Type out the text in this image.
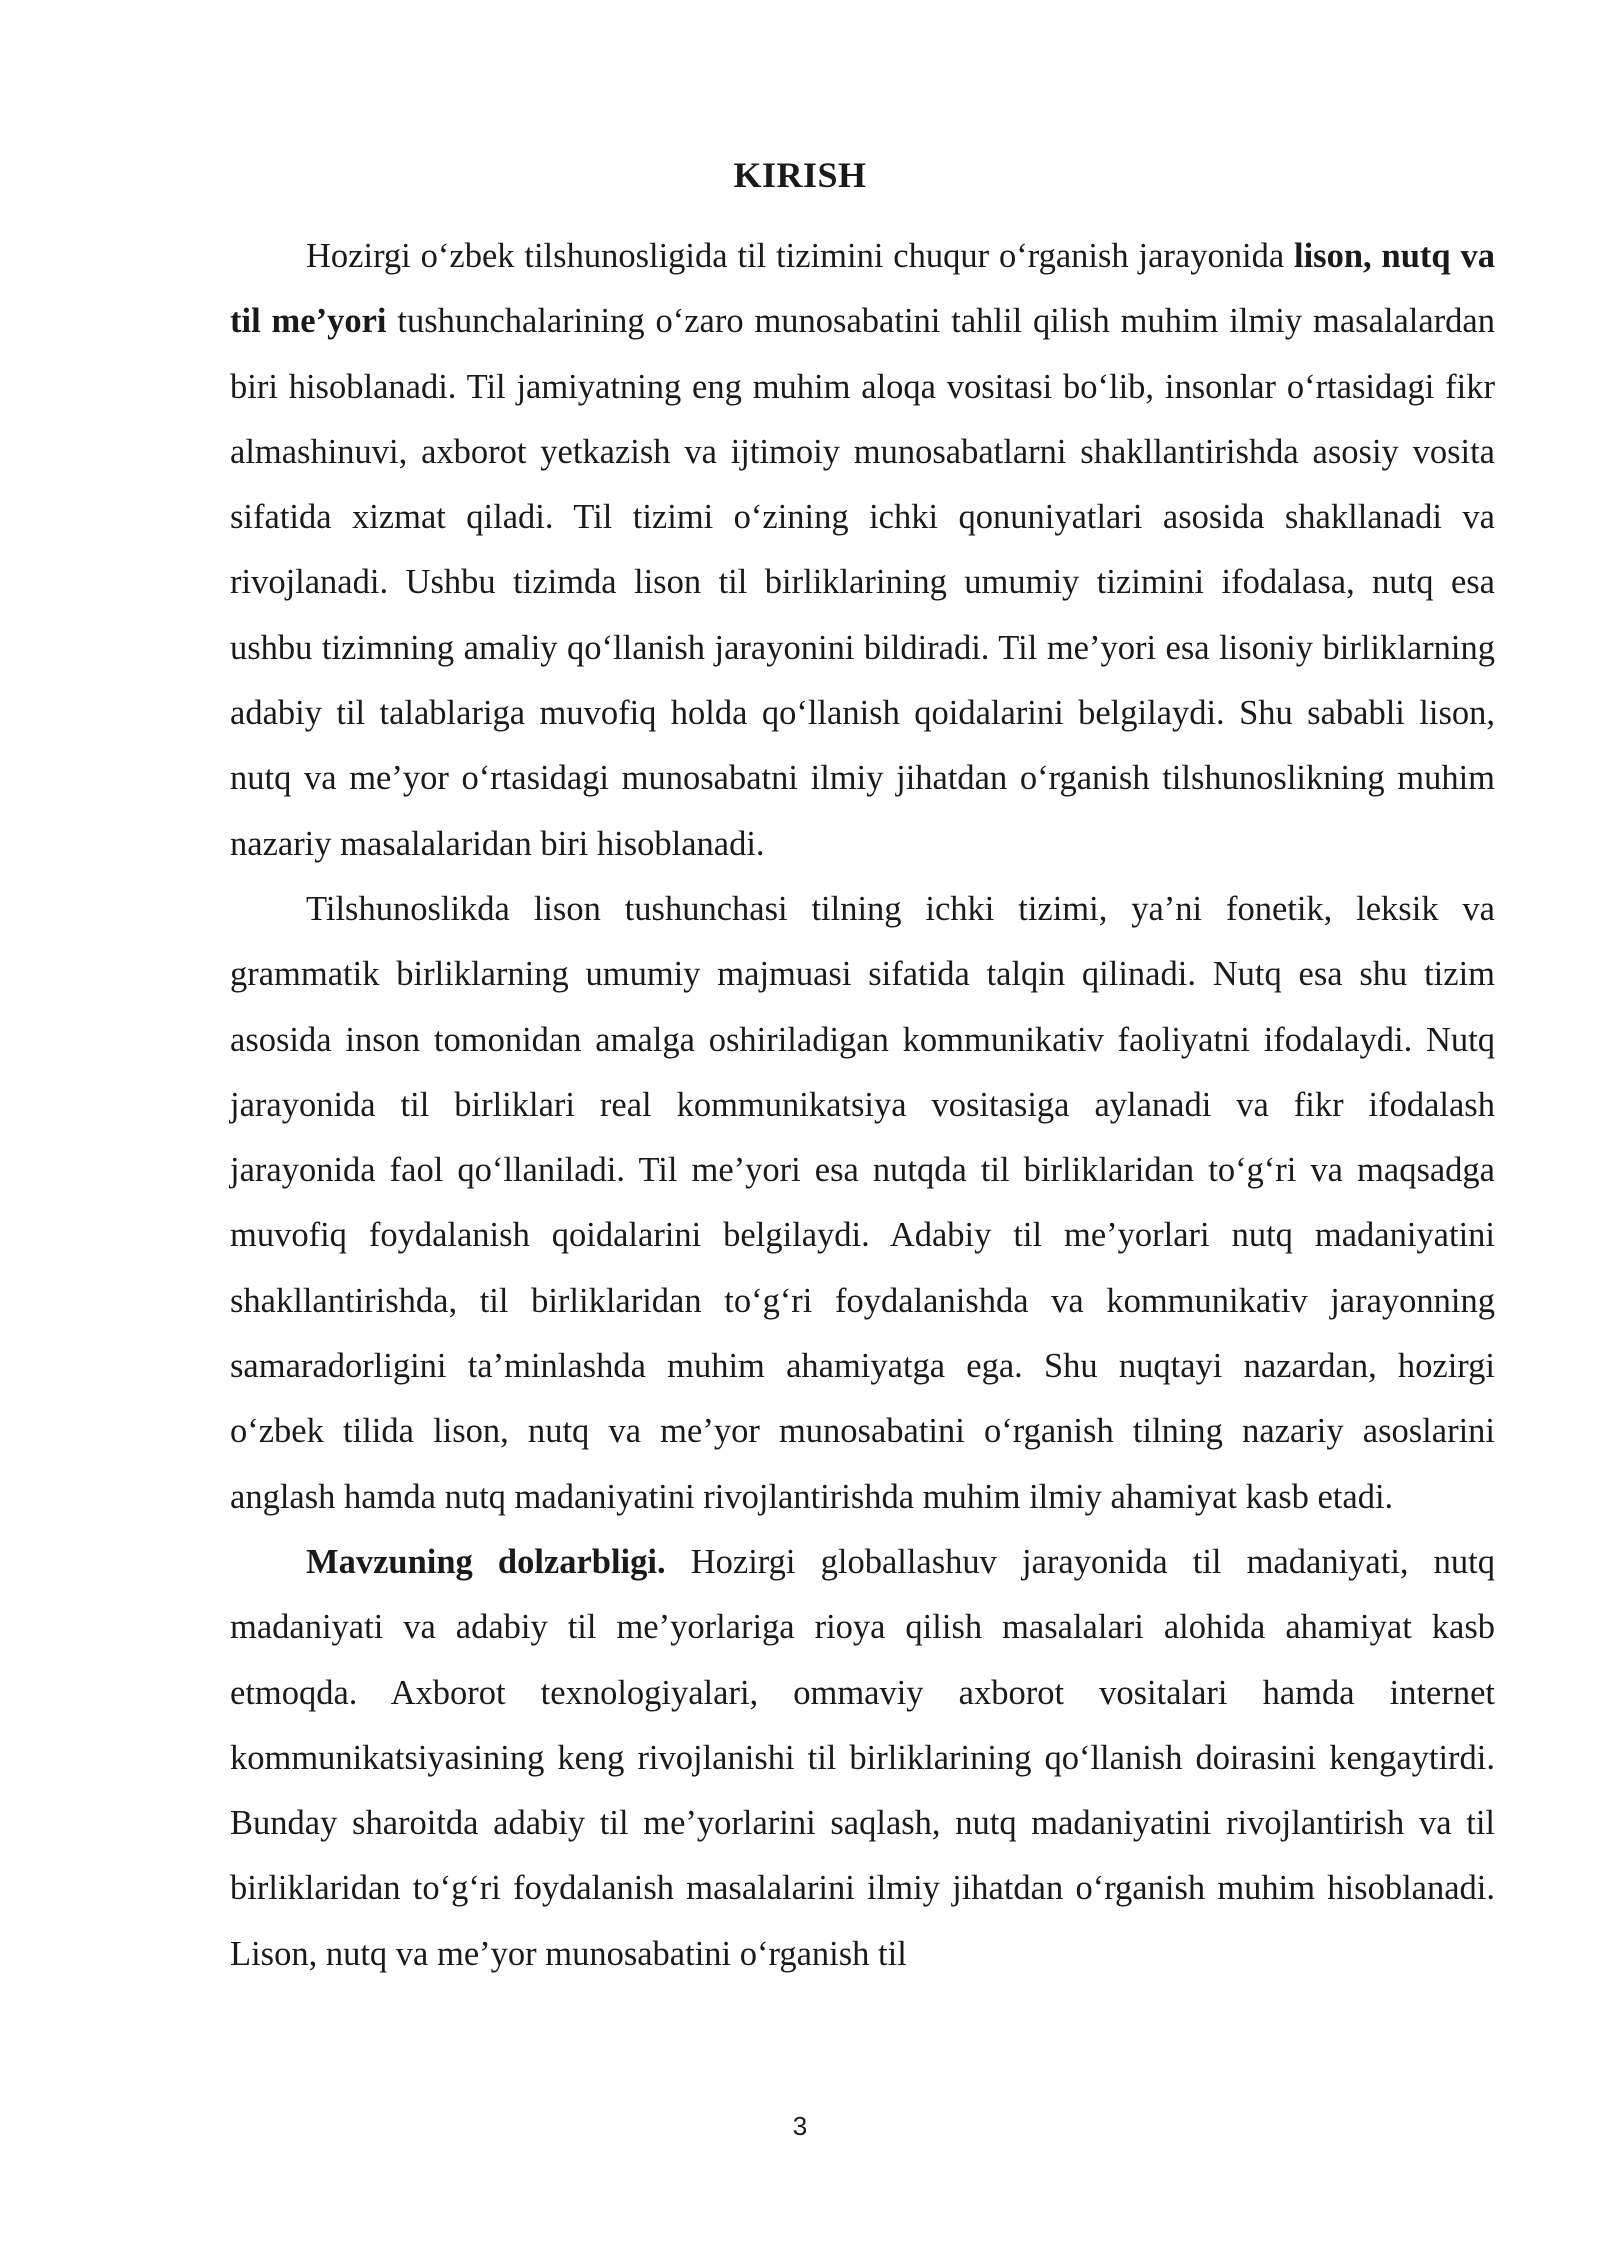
KIRISH

Hozirgi o‘zbek tilshunosligida til tizimini chuqur o‘rganish jarayonida lison, nutq va til me’yori tushunchalarining o‘zaro munosabatini tahlil qilish muhim ilmiy masalalardan biri hisoblanadi. Til jamiyatning eng muhim aloqa vositasi bo‘lib, insonlar o‘rtasidagi fikr almashinuvi, axborot yetkazish va ijtimoiy munosabatlarni shakllantirishda asosiy vosita sifatida xizmat qiladi. Til tizimi o‘zining ichki qonuniyatlari asosida shakllanadi va rivojlanadi. Ushbu tizimda lison til birliklarining umumiy tizimini ifodalasa, nutq esa ushbu tizimning amaliy qo‘llanish jarayonini bildiradi. Til me’yori esa lisoniy birliklarning adabiy til talablariga muvofiq holda qo‘llanish qoidalarini belgilaydi. Shu sababli lison, nutq va me’yor o‘rtasidagi munosabatni ilmiy jihatdan o‘rganish tilshunoslikning muhim nazariy masalalaridan biri hisoblanadi.

Tilshunoslikda lison tushunchasi tilning ichki tizimi, ya’ni fonetik, leksik va grammatik birliklarning umumiy majmuasi sifatida talqin qilinadi. Nutq esa shu tizim asosida inson tomonidan amalga oshiriladigan kommunikativ faoliyatni ifodalaydi. Nutq jarayonida til birliklari real kommunikatsiya vositasiga aylanadi va fikr ifodalash jarayonida faol qo‘llaniladi. Til me’yori esa nutqda til birliklaridan to‘g‘ri va maqsadga muvofiq foydalanish qoidalarini belgilaydi. Adabiy til me’yorlari nutq madaniyatini shakllantirishda, til birliklaridan to‘g‘ri foydalanishda va kommunikativ jarayonning samaradorligini ta’minlashda muhim ahamiyatga ega. Shu nuqtayi nazardan, hozirgi o‘zbek tilida lison, nutq va me’yor munosabatini o‘rganish tilning nazariy asoslarini anglash hamda nutq madaniyatini rivojlantirishda muhim ilmiy ahamiyat kasb etadi.

Mavzuning dolzarbligi. Hozirgi globallashuv jarayonida til madaniyati, nutq madaniyati va adabiy til me’yorlariga rioya qilish masalalari alohida ahamiyat kasb etmoqda. Axborot texnologiyalari, ommaviy axborot vositalari hamda internet kommunikatsiyasining keng rivojlanishi til birliklarining qo‘llanish doirasini kengaytirdi. Bunday sharoitda adabiy til me’yorlarini saqlash, nutq madaniyatini rivojlantirish va til birliklaridan to‘g‘ri foydalanish masalalarini ilmiy jihatdan o‘rganish muhim hisoblanadi. Lison, nutq va me’yor munosabatini o‘rganish til

3
